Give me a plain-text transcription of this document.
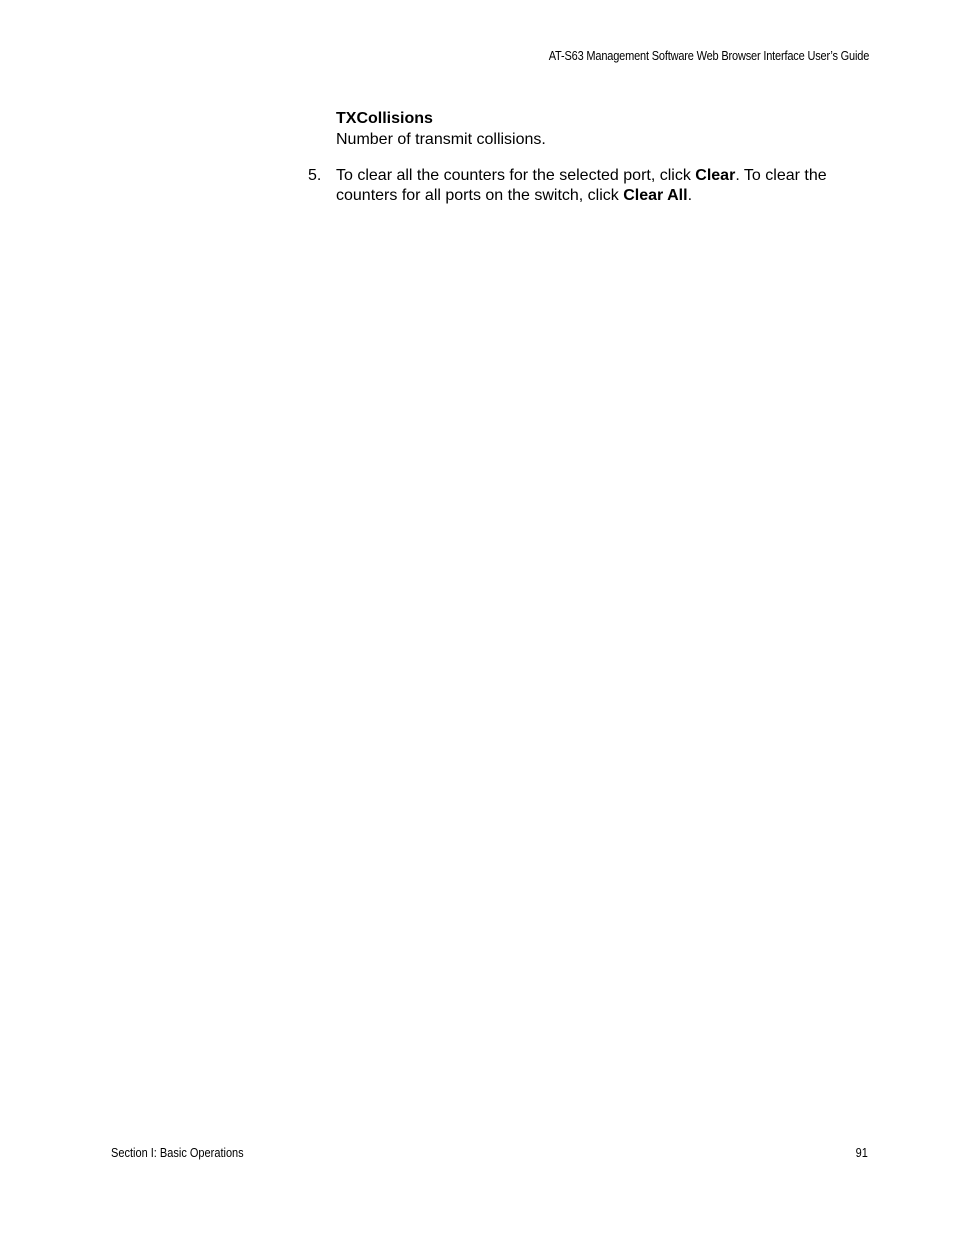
AT-S63 Management Software Web Browser Interface User’s Guide
TXCollisions
Number of transmit collisions.
5. To clear all the counters for the selected port, click Clear. To clear the counters for all ports on the switch, click Clear All.
Section I: Basic Operations	91
